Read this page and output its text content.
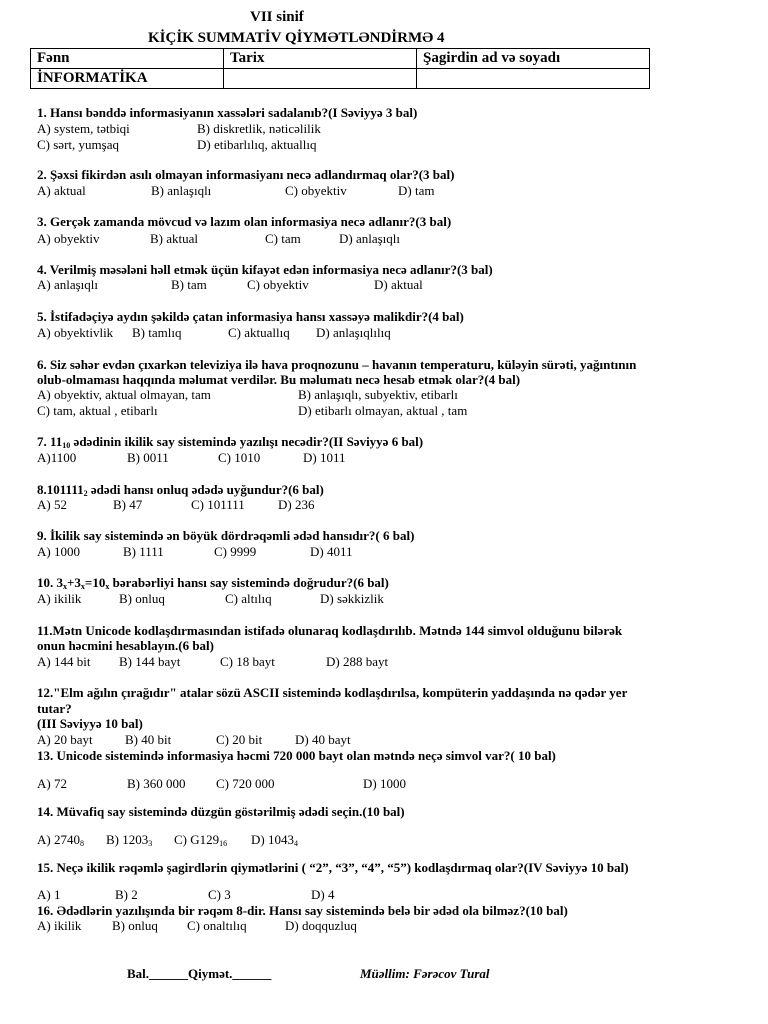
VII sinif
KİÇİK SUMMATİV QİYMƏTLƏNDİRMƏ 4
Fənn	Tarix	Şagirdin ad və soyadı
İNFORMATİKA		
1. Hansı bənddə informasiyanın xassələri sadalanıb?(I Səviyyə 3 bal)
A) system, tətbiqi	B) diskretlik, nəticəlilik
C) sərt, yumşaq	D) etibarlılıq, aktuallıq
2. Şəxsi fikirdən asılı olmayan informasiyanı necə adlandırmaq olar?(3 bal)
A) aktual	B) anlaşıqlı	C) obyektiv	D) tam
3. Gerçək zamanda mövcud və lazım olan informasiya necə adlanır?(3 bal)
A) obyektiv	B) aktual	C) tam	D) anlaşıqlı
4. Verilmiş məsələni həll etmək üçün kifayət edən informasiya necə adlanır?(3 bal)
A) anlaşıqlı	B) tam	C) obyektiv	D) aktual
5. İstifadəçiyə aydın şəkildə çatan informasiya hansı xassəyə malikdir?(4 bal)
A) obyektivlik B) tamlıq	C) aktuallıq D) anlaşıqlılıq
6. Siz səhər evdən çıxarkən televiziya ilə hava proqnozunu – havanın temperaturu, küləyin sürəti, yağıntının
olub-olmaması haqqında məlumat verdilər. Bu məlumatı necə hesab etmək olar?(4 bal)
A) obyektiv, aktual olmayan, tam	B) anlaşıqlı, subyektiv, etibarlı
C) tam, aktual , etibarlı	D) etibarlı olmayan, aktual , tam
7. $11_{10}$ ədədinin ikilik say sistemində yazılışı necədir?(II Səviyyə 6 bal)
A)1100	B) 0011	C) 1010	D) 1011
$8.101111_2$ ədədi hansı onluq ədədə uyğundur?(6 bal)
A) 52	B) 47	C) 101111	D) 236
9. İkilik say sistemində ən böyük dördrəqəmli ədəd hansıdır?( 6 bal)
A) 1000	B) 1111	C) 9999	D) 4011
10. $3_x+3_x=10_x$ bərabərliyi hansı say sistemində doğrudur?(6 bal)
A) ikilik	B) onluq	C) altılıq	D) səkkizlik
11.Mətn Unicode kodlaşdırmasından istifadə olunaraq kodlaşdırılıb. Mətndə 144 simvol olduğunu bilərək
onun həcmini hesablayın.(6 bal)
A) 144 bit B) 144 bayt	C) 18 bayt	D) 288 bayt
12."Elm ağılın çırağıdır" atalar sözü ASCII sistemində kodlaşdırılsa, kompüterin yaddaşında nə qədər yer
tutar?
(III Səviyyə 10 bal)
A) 20 bayt B) 40 bit	C) 20 bit	D) 40 bayt
13. Unicode sistemində informasiya həcmi 720 000 bayt olan mətndə neçə simvol var?( 10 bal)
A) 72	B) 360 000 C) 720 000	D) 1000
14. Müvafiq say sistemində düzgün göstərilmiş ədədi seçin.(10 bal)
A) $2740_8$ B) $1203_3$ C) $G129_{16}$ D) $1043_4$
15. Neçə ikilik rəqəmlə şagirdlərin qiymətlərini ( “2”, “3”, “4”, “5”) kodlaşdırmaq olar?(IV Səviyyə 10 bal)
A) 1	B) 2	C) 3	D) 4
16. Ədədlərin yazılışında bir rəqəm 8-dir. Hansı say sistemində belə bir ədəd ola bilməz?(10 bal)
A) ikilik B) onluq C) onaltılıq	D) doqquzluq
Bal.______Qiymət.______	Müəllim: Fərəcov Tural
